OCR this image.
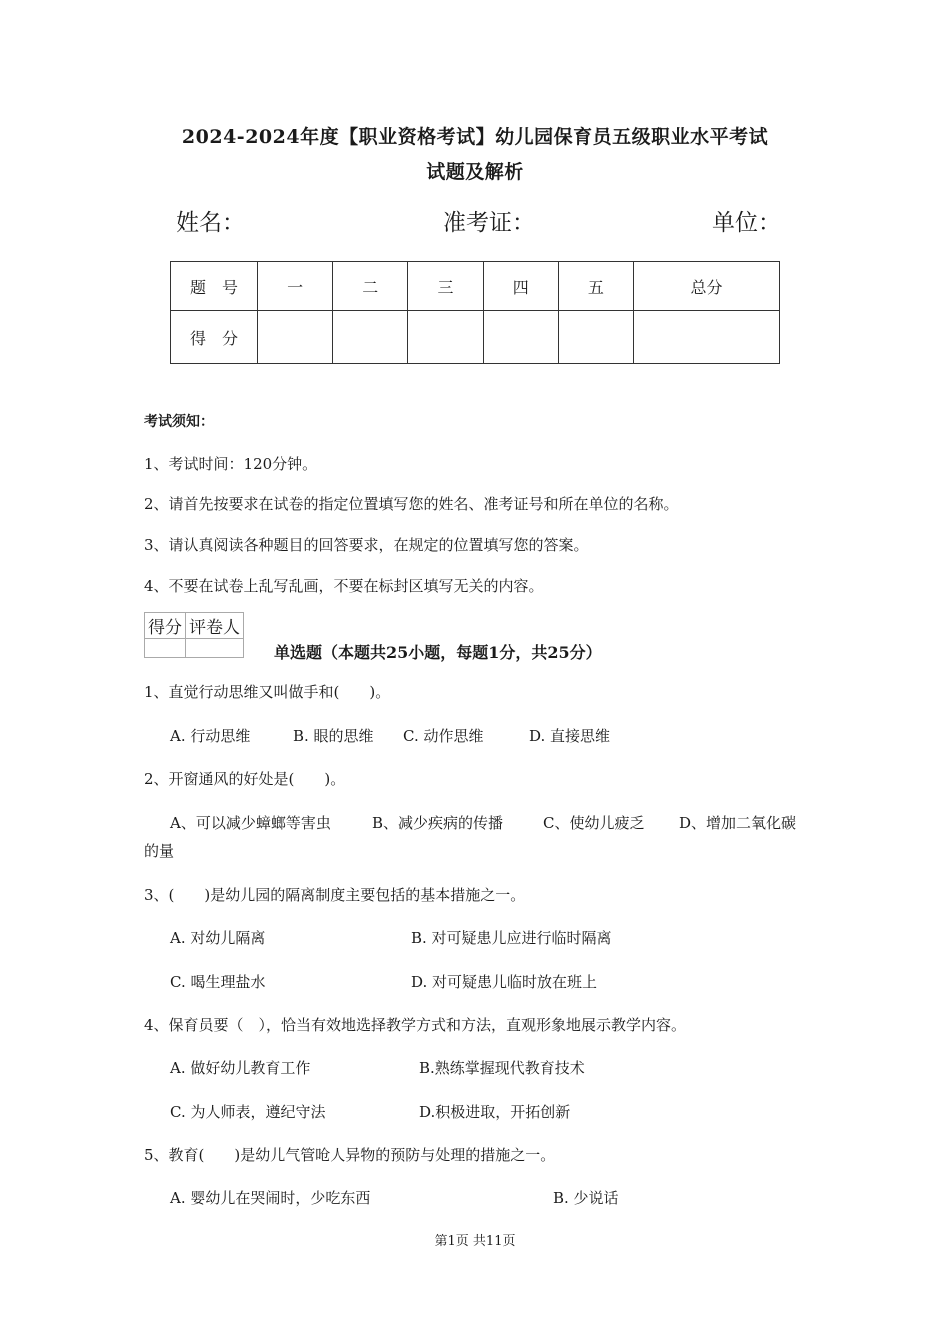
2024-2024年度【职业资格考试】幼儿园保育员五级职业水平考试
试题及解析
姓名：	准考证：	单位：
题　号	一	二	三	四	五	总分
得　分						
考试须知：
1、考试时间：120分钟。
2、请首先按要求在试卷的指定位置填写您的姓名、准考证号和所在单位的名称。
3、请认真阅读各种题目的回答要求，在规定的位置填写您的答案。
4、不要在试卷上乱写乱画，不要在标封区填写无关的内容。
得分	评卷人

单选题（本题共25小题，每题1分，共25分）
1、直觉行动思维又叫做手和(　　)。
A. 行动思维	B. 眼的思维 C. 动作思维	D. 直接思维
2、开窗通风的好处是(　　)。
A、可以减少蟑螂等害虫	B、减少疾病的传播	C、使幼儿疲乏 D、增加二氧化碳
的量
3、(　　)是幼儿园的隔离制度主要包括的基本措施之一。
A. 对幼儿隔离	B. 对可疑患儿应进行临时隔离
C. 喝生理盐水	D. 对可疑患儿临时放在班上
4、保育员要（　），恰当有效地选择教学方式和方法，直观形象地展示教学内容。
A. 做好幼儿教育工作	B.熟练掌握现代教育技术
C. 为人师表，遵纪守法	D.积极进取，开拓创新
5、教育(　　)是幼儿气管呛人异物的预防与处理的措施之一。
A. 婴幼儿在哭闹时，少吃东西	B. 少说话
第1页 共11页
